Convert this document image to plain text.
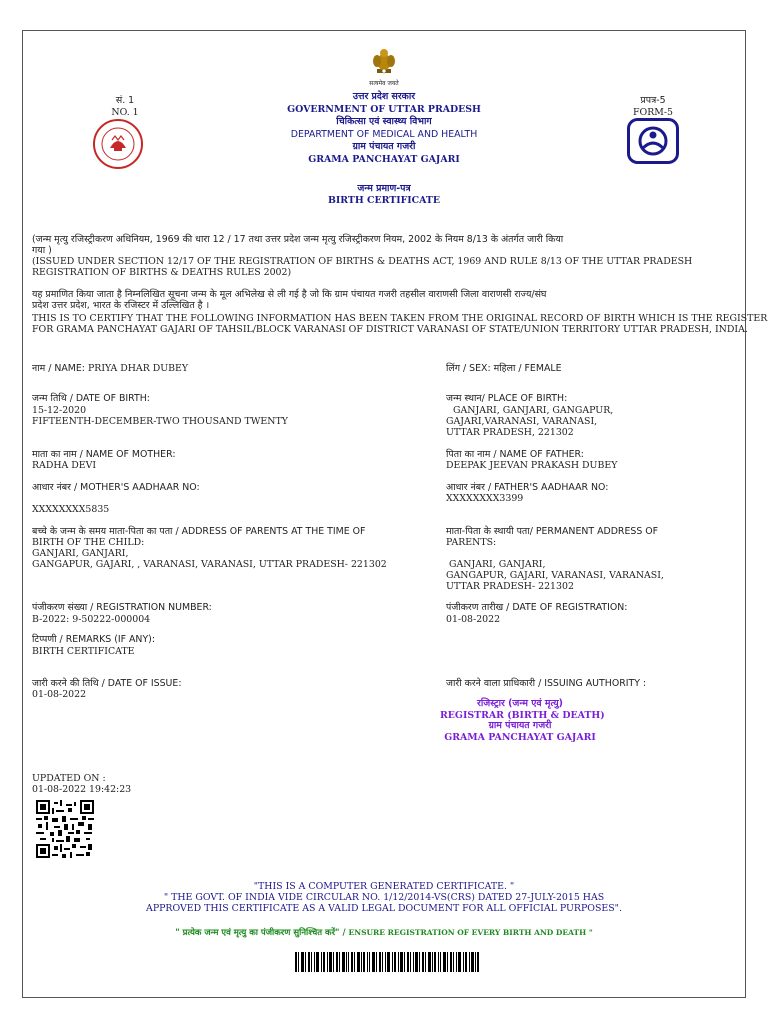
सत्यमेव जयते
सं. 1
NO. 1
प्रपत्र-5
FORM-5
उत्तर प्रदेश सरकार
GOVERNMENT OF UTTAR PRADESH
चिकित्सा एवं स्वास्थ्य विभाग
DEPARTMENT OF MEDICAL AND HEALTH
ग्राम पंचायत गजरी
GRAMA PANCHAYAT GAJARI
जन्म प्रमाण-पत्र
BIRTH CERTIFICATE
(जन्म मृत्यु रजिस्ट्रीकरण अधिनियम, 1969 की धारा 12 / 17 तथा उत्तर प्रदेश जन्म मृत्यु रजिस्ट्रीकरण नियम, 2002 के नियम 8/13 के अंतर्गत जारी किया
गया )
(ISSUED UNDER SECTION 12/17 OF THE REGISTRATION OF BIRTHS & DEATHS ACT, 1969 AND RULE 8/13 OF THE UTTAR PRADESH
REGISTRATION OF BIRTHS & DEATHS RULES 2002)
यह प्रमाणित किया जाता है निम्नलिखित सूचना जन्म के मूल अभिलेख से ली गई है जो कि ग्राम पंचायत गजरी तहसील वाराणसी जिला वाराणसी राज्य/संघ
प्रदेश उत्तर प्रदेश, भारत के रजिस्टर में उल्लिखित है ।
THIS IS TO CERTIFY THAT THE FOLLOWING INFORMATION HAS BEEN TAKEN FROM THE ORIGINAL RECORD OF BIRTH WHICH IS THE REGISTER
FOR GRAMA PANCHAYAT GAJARI OF TAHSIL/BLOCK VARANASI OF DISTRICT VARANASI OF STATE/UNION TERRITORY UTTAR PRADESH, INDIA.
नाम / NAME: PRIYA DHAR DUBEY	लिंग / SEX: महिला / FEMALE
जन्म तिथि / DATE OF BIRTH:
15-12-2020
FIFTEENTH-DECEMBER-TWO THOUSAND TWENTY
जन्म स्थान/ PLACE OF BIRTH:
GANJARI, GANJARI, GANGAPUR,
GAJARI,VARANASI, VARANASI,
UTTAR PRADESH, 221302
माता का नाम / NAME OF MOTHER:
RADHA DEVI
पिता का नाम / NAME OF FATHER:
DEEPAK JEEVAN PRAKASH DUBEY
आधार नंबर / MOTHER'S AADHAAR NO:
XXXXXXXX5835
आधार नंबर / FATHER'S AADHAAR NO:
XXXXXXXX3399
बच्चे के जन्म के समय माता-पिता का पता / ADDRESS OF PARENTS AT THE TIME OF
BIRTH OF THE CHILD:
GANJARI, GANJARI,
GANGAPUR, GAJARI, , VARANASI, VARANASI, UTTAR PRADESH- 221302
माता-पिता के स्थायी पता/ PERMANENT ADDRESS OF
PARENTS:
GANJARI, GANJARI,
GANGAPUR, GAJARI, VARANASI, VARANASI,
UTTAR PRADESH- 221302
पंजीकरण संख्या / REGISTRATION NUMBER:
B-2022: 9-50222-000004
पंजीकरण तारीख / DATE OF REGISTRATION:
01-08-2022
टिप्पणी / REMARKS (IF ANY):
BIRTH CERTIFICATE
जारी करने की तिथि / DATE OF ISSUE:
01-08-2022
जारी करने वाला प्राधिकारी / ISSUING AUTHORITY :
रजिस्ट्रार (जन्म एवं मृत्यु)
REGISTRAR (BIRTH & DEATH)
ग्राम पंचायत गजरी
GRAMA PANCHAYAT GAJARI
UPDATED ON :
01-08-2022 19:42:23
"THIS IS A COMPUTER GENERATED CERTIFICATE. "
" THE GOVT. OF INDIA VIDE CIRCULAR NO. 1/12/2014-VS(CRS) DATED 27-JULY-2015 HAS
APPROVED THIS CERTIFICATE AS A VALID LEGAL DOCUMENT FOR ALL OFFICIAL PURPOSES".
" प्रत्येक जन्म एवं मृत्यु का पंजीकरण सुनिश्चित करें" / ENSURE REGISTRATION OF EVERY BIRTH AND DEATH "
